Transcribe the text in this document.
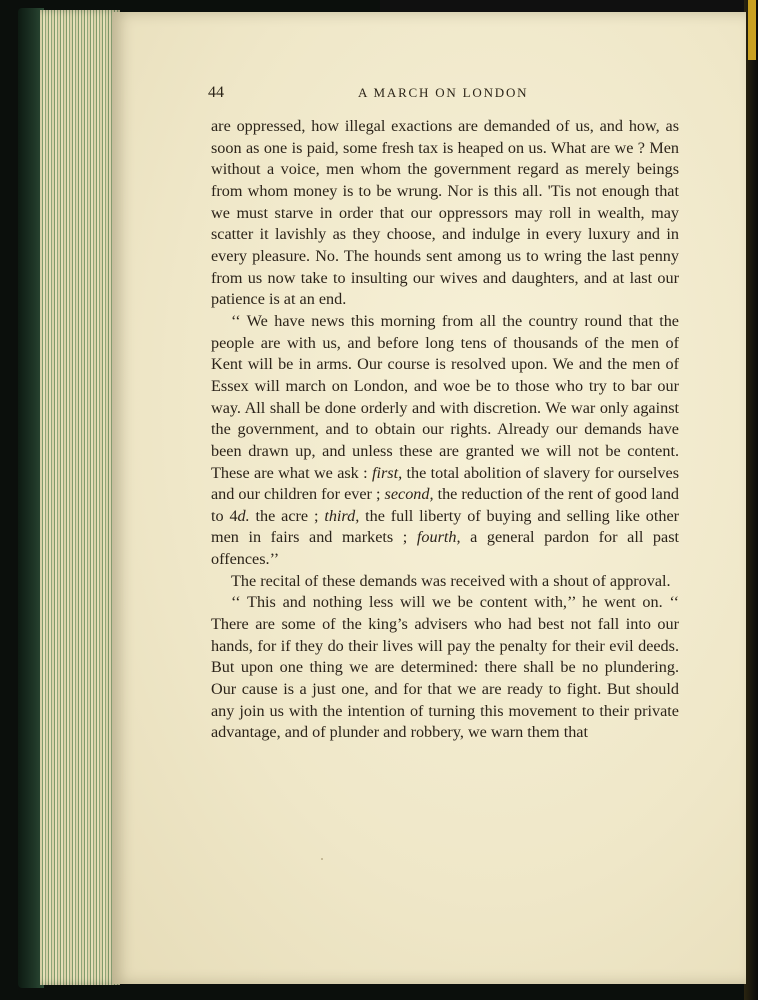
44	A MARCH ON LONDON

are oppressed, how illegal exactions are demanded of us, and how, as soon as one is paid, some fresh tax is heaped on us. What are we ? Men without a voice, men whom the government regard as merely beings from whom money is to be wrung. Nor is this all. 'Tis not enough that we must starve in order that our oppressors may roll in wealth, may scatter it lavishly as they choose, and indulge in every luxury and in every pleasure. No. The hounds sent among us to wring the last penny from us now take to insulting our wives and daughters, and at last our patience is at an end.

‘‘ We have news this morning from all the country round that the people are with us, and before long tens of thousands of the men of Kent will be in arms. Our course is resolved upon. We and the men of Essex will march on London, and woe be to those who try to bar our way. All shall be done orderly and with discretion. We war only against the government, and to obtain our rights. Already our demands have been drawn up, and unless these are granted we will not be content. These are what we ask : first, the total abolition of slavery for ourselves and our children for ever ; second, the reduction of the rent of good land to 4d. the acre ; third, the full liberty of buying and selling like other men in fairs and markets ; fourth, a general pardon for all past offences.’’

The recital of these demands was received with a shout of approval.

‘‘ This and nothing less will we be content with,’’ he went on. ‘‘ There are some of the king’s advisers who had best not fall into our hands, for if they do their lives will pay the penalty for their evil deeds. But upon one thing we are determined: there shall be no plundering. Our cause is a just one, and for that we are ready to fight. But should any join us with the intention of turning this movement to their private advantage, and of plunder and robbery, we warn them that
